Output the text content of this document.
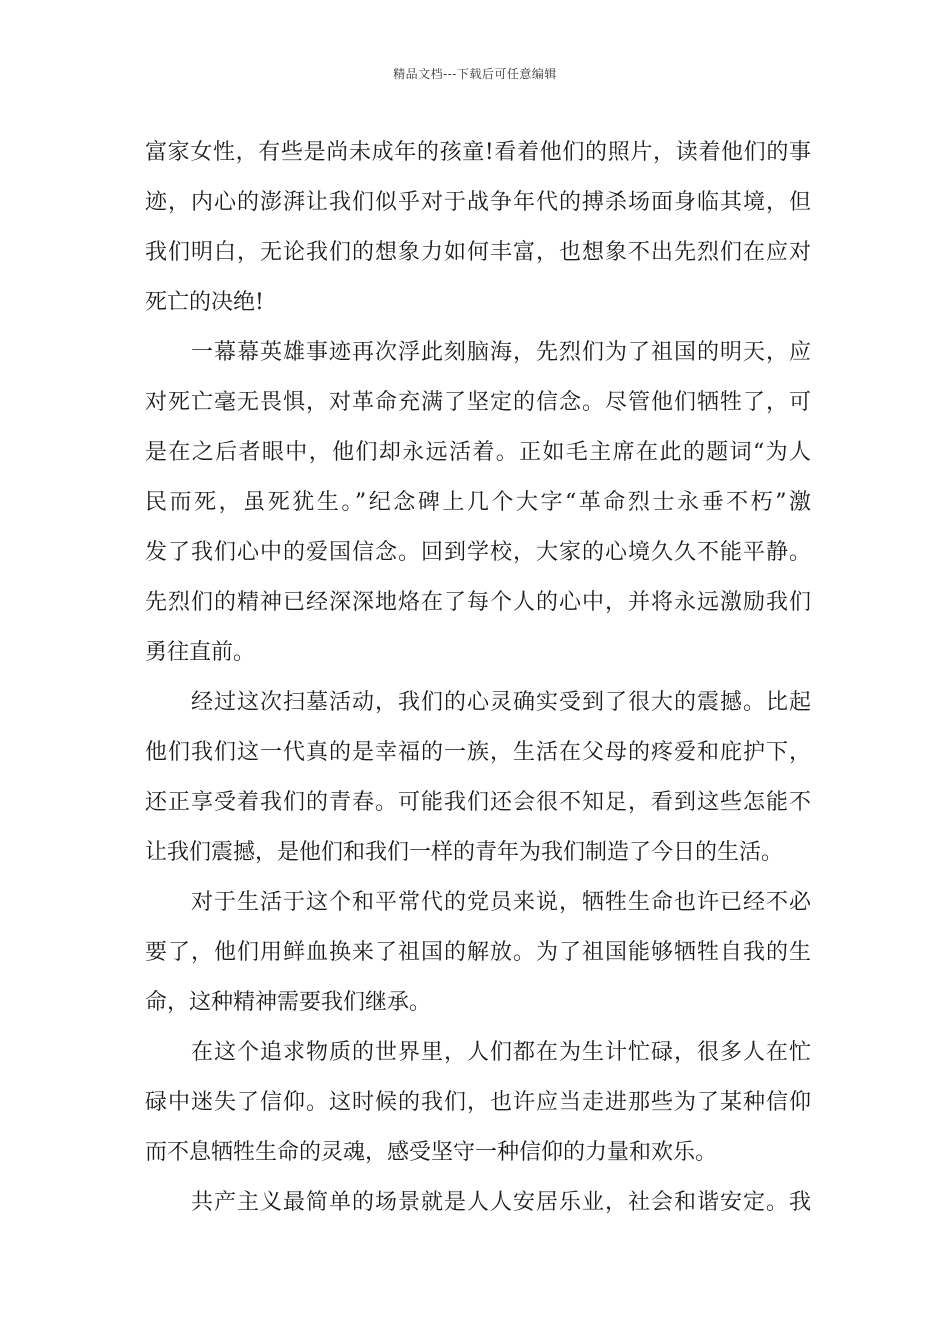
精品文档---下载后可任意编辑
富家女性，有些是尚未成年的孩童!看着他们的照片，读着他们的事
迹，内心的澎湃让我们似乎对于战争年代的搏杀场面身临其境，但
我们明白，无论我们的想象力如何丰富，也想象不出先烈们在应对
死亡的决绝!
一幕幕英雄事迹再次浮此刻脑海，先烈们为了祖国的明天，应
对死亡毫无畏惧，对革命充满了坚定的信念。尽管他们牺牲了，可
是在之后者眼中，他们却永远活着。正如毛主席在此的题词“为人
民而死，虽死犹生。”纪念碑上几个大字“革命烈士永垂不朽”激
发了我们心中的爱国信念。回到学校，大家的心境久久不能平静。
先烈们的精神已经深深地烙在了每个人的心中，并将永远激励我们
勇往直前。
经过这次扫墓活动，我们的心灵确实受到了很大的震撼。比起
他们我们这一代真的是幸福的一族，生活在父母的疼爱和庇护下，
还正享受着我们的青春。可能我们还会很不知足，看到这些怎能不
让我们震撼，是他们和我们一样的青年为我们制造了今日的生活。
对于生活于这个和平常代的党员来说，牺牲生命也许已经不必
要了，他们用鲜血换来了祖国的解放。为了祖国能够牺牲自我的生
命，这种精神需要我们继承。
在这个追求物质的世界里，人们都在为生计忙碌，很多人在忙
碌中迷失了信仰。这时候的我们，也许应当走进那些为了某种信仰
而不息牺牲生命的灵魂，感受坚守一种信仰的力量和欢乐。
共产主义最简单的场景就是人人安居乐业，社会和谐安定。我
